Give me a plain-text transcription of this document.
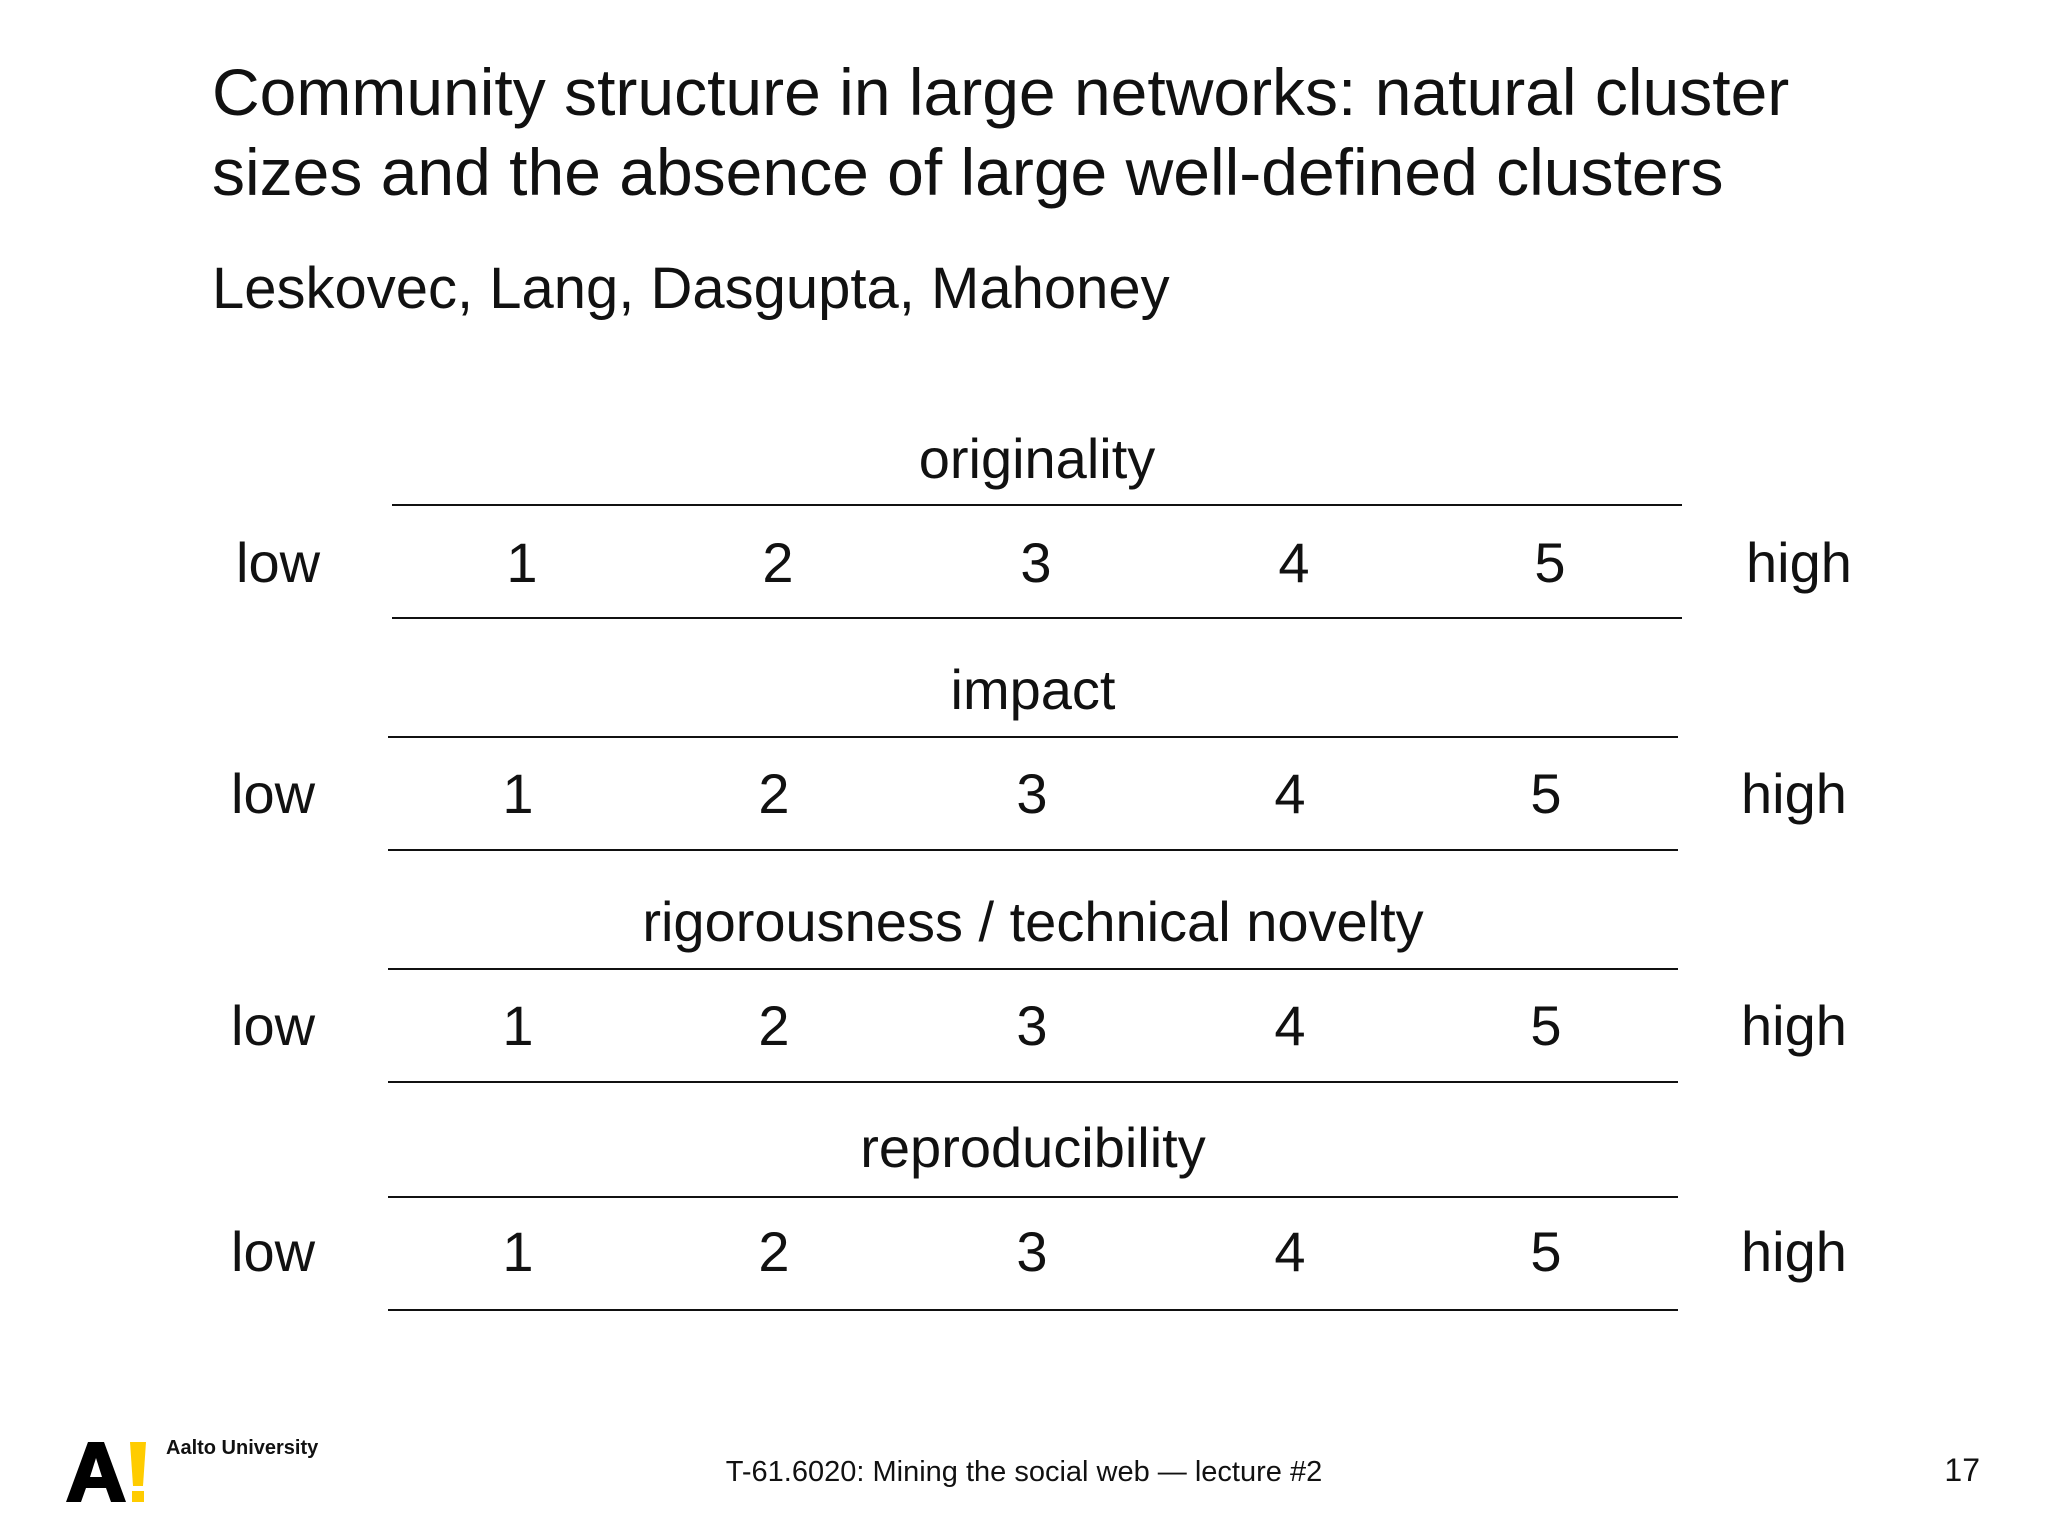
Community structure in large networks: natural cluster sizes and the absence of large well-defined clusters
Leskovec, Lang, Dasgupta, Mahoney
originality
low	1	2	3	4	5	high
impact
low	1	2	3	4	5	high
rigorousness / technical novelty
low	1	2	3	4	5	high
reproducibility
low	1	2	3	4	5	high
Aalto University
T-61.6020: Mining the social web — lecture #2	17
